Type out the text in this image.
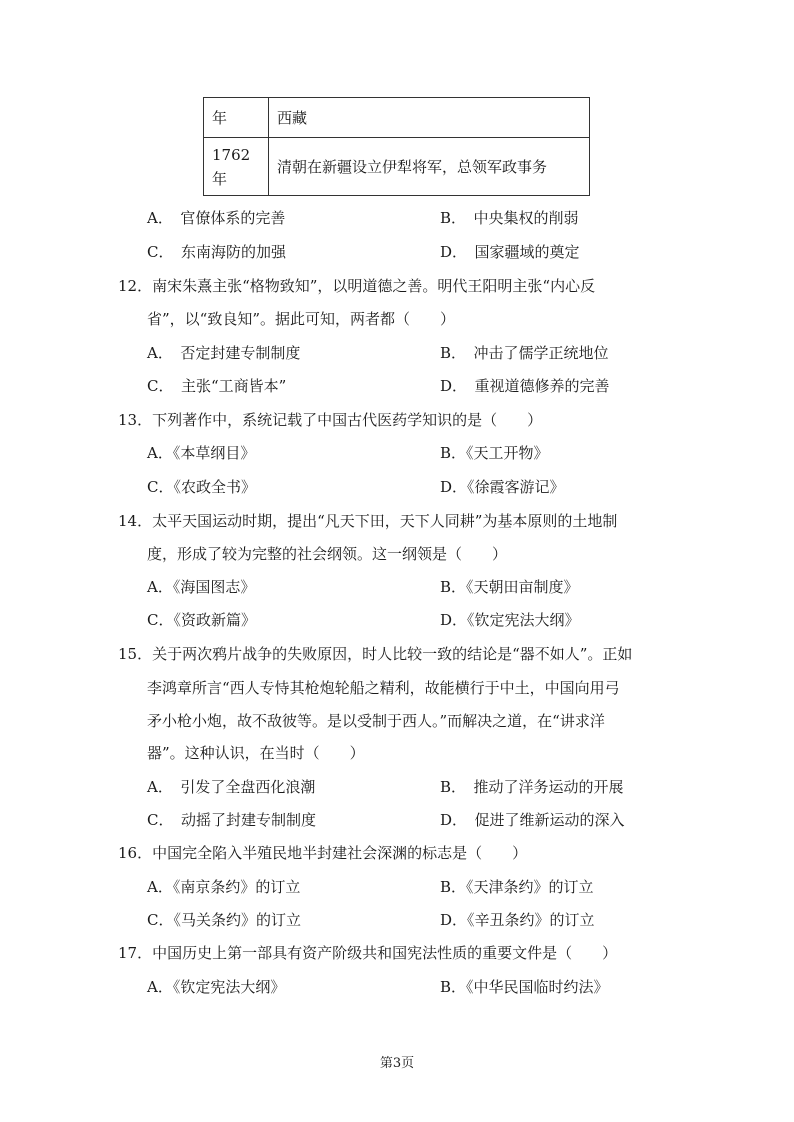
年	西藏
1762
年	清朝在新疆设立伊犁将军，总领军政事务
A．　官僚体系的完善	B．　中央集权的削弱
C．　东南海防的加强	D．　国家疆域的奠定
12．南宋朱熹主张“格物致知”，以明道德之善。明代王阳明主张“内心反
省”，以“致良知”。据此可知，两者都（　　）
A．　否定封建专制制度	B．　冲击了儒学正统地位
C．　主张“工商皆本”	D．　重视道德修养的完善
13．下列著作中，系统记载了中国古代医药学知识的是（　　）
A．《本草纲目》	B．《天工开物》
C．《农政全书》	D．《徐霞客游记》
14．太平天国运动时期，提出“凡天下田，天下人同耕”为基本原则的土地制
度，形成了较为完整的社会纲领。这一纲领是（　　）
A．《海国图志》	B．《天朝田亩制度》
C．《资政新篇》	D．《钦定宪法大纲》
15．关于两次鸦片战争的失败原因，时人比较一致的结论是“器不如人”。正如
李鸿章所言“西人专恃其枪炮轮船之精利，故能横行于中土，中国向用弓
矛小枪小炮，故不敌彼等。是以受制于西人。”而解决之道，在“讲求洋
器”。这种认识，在当时（　　）
A．　引发了全盘西化浪潮	B．　推动了洋务运动的开展
C．　动摇了封建专制制度	D．　促进了维新运动的深入
16．中国完全陷入半殖民地半封建社会深渊的标志是（　　）
A．《南京条约》的订立	B．《天津条约》的订立
C．《马关条约》的订立	D．《辛丑条约》的订立
17．中国历史上第一部具有资产阶级共和国宪法性质的重要文件是（　　）
A．《钦定宪法大纲》	B．《中华民国临时约法》
第3页
